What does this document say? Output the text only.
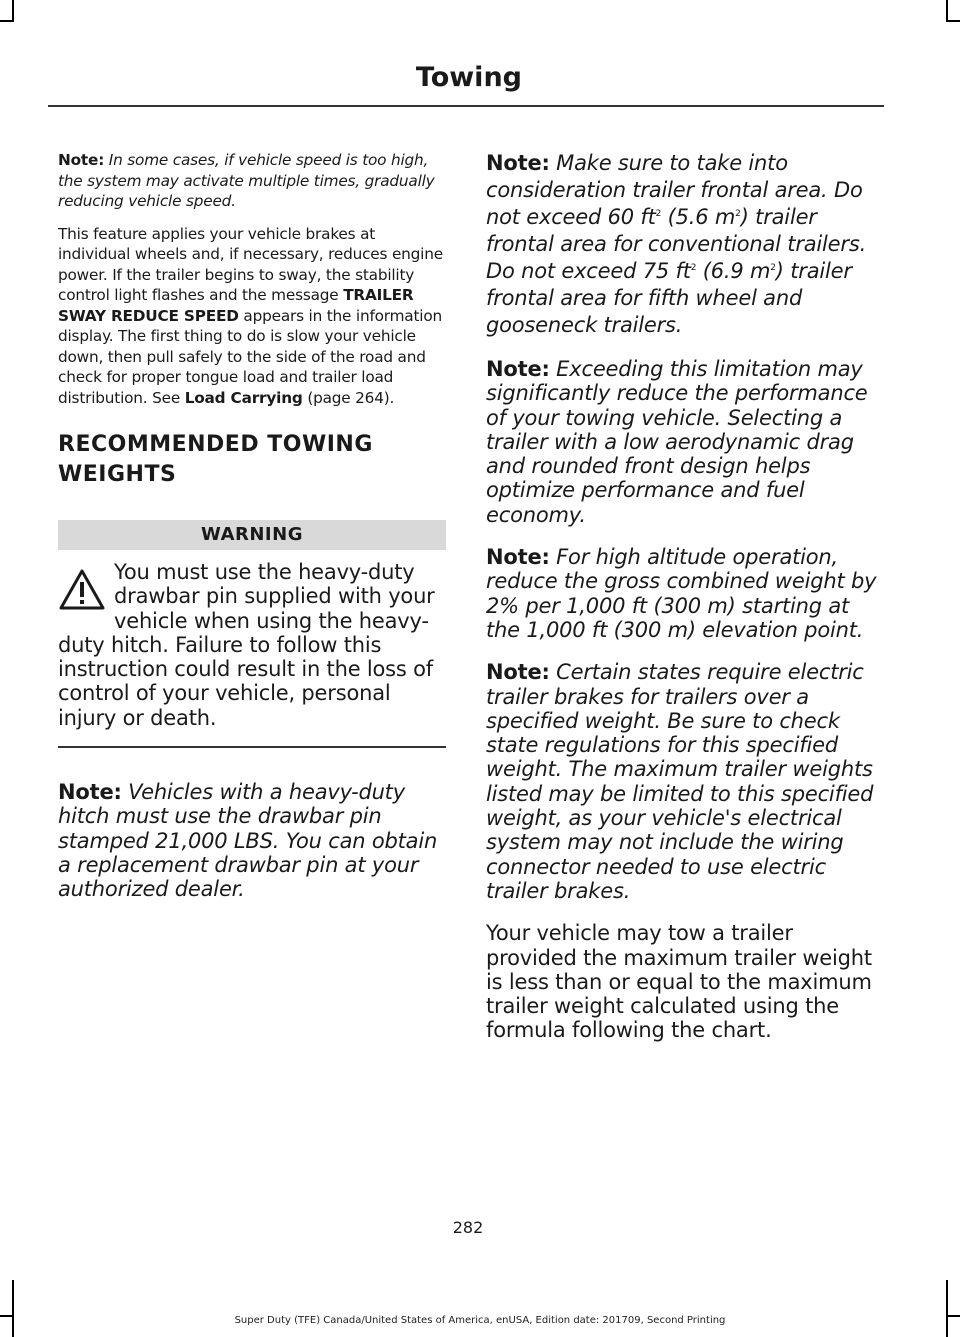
Towing

Note: In some cases, if vehicle speed is too high, the system may activate multiple times, gradually reducing vehicle speed.

This feature applies your vehicle brakes at individual wheels and, if necessary, reduces engine power. If the trailer begins to sway, the stability control light flashes and the message TRAILER SWAY REDUCE SPEED appears in the information display. The first thing to do is slow your vehicle down, then pull safely to the side of the road and check for proper tongue load and trailer load distribution. See Load Carrying (page 264).

RECOMMENDED TOWING WEIGHTS
WARNING
You must use the heavy-duty drawbar pin supplied with your vehicle when using the heavy-duty hitch. Failure to follow this instruction could result in the loss of control of your vehicle, personal injury or death.

Note: Vehicles with a heavy-duty hitch must use the drawbar pin stamped 21,000 LBS. You can obtain a replacement drawbar pin at your authorized dealer.

Note: Make sure to take into consideration trailer frontal area. Do not exceed 60 $ft^2$ (5.6 $m^2$) trailer frontal area for conventional trailers. Do not exceed 75 $ft^2$ (6.9 $m^2$) trailer frontal area for fifth wheel and gooseneck trailers.

Note: Exceeding this limitation may significantly reduce the performance of your towing vehicle. Selecting a trailer with a low aerodynamic drag and rounded front design helps optimize performance and fuel economy.

Note: For high altitude operation, reduce the gross combined weight by 2% per 1,000 ft (300 m) starting at the 1,000 ft (300 m) elevation point.

Note: Certain states require electric trailer brakes for trailers over a specified weight. Be sure to check state regulations for this specified weight. The maximum trailer weights listed may be limited to this specified weight, as your vehicle's electrical system may not include the wiring connector needed to use electric trailer brakes.

Your vehicle may tow a trailer provided the maximum trailer weight is less than or equal to the maximum trailer weight calculated using the formula following the chart.

282
Super Duty (TFE) Canada/United States of America, enUSA, Edition date: 201709, Second Printing
